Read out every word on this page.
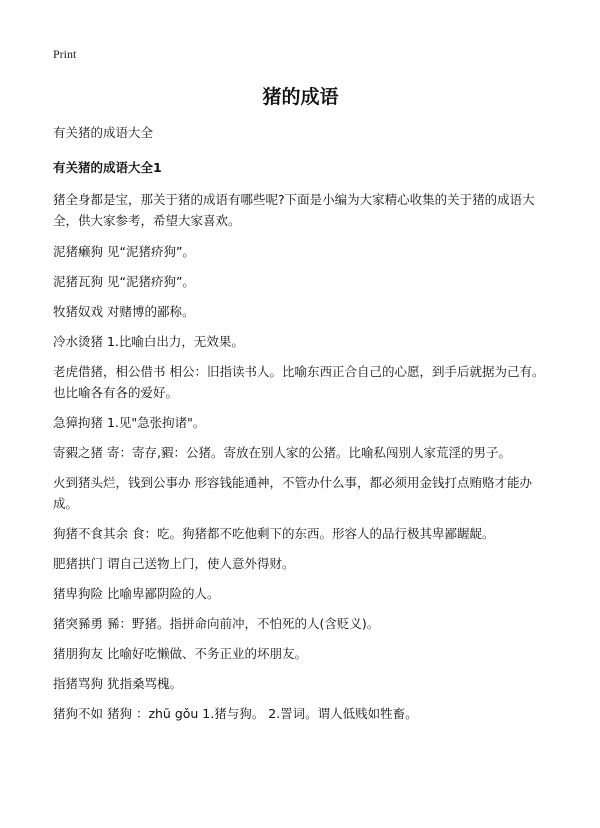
Print
猪的成语
有关猪的成语大全
有关猪的成语大全1
猪全身都是宝，那关于猪的成语有哪些呢?下面是小编为大家精心收集的关于猪的成语大全，供大家参考，希望大家喜欢。
泥猪癞狗 见“泥猪疥狗”。
泥猪瓦狗 见“泥猪疥狗”。
牧猪奴戏 对赌博的鄙称。
冷水烫猪 1.比喻白出力，无效果。
老虎借猪，相公借书 相公：旧指读书人。比喻东西正合自己的心愿，到手后就据为己有。也比喻各有各的爱好。
急獐拘猪 1.见"急张拘诸"。
寄豭之猪 寄：寄存,豭：公猪。寄放在别人家的公猪。比喻私闯别人家荒淫的男子。
火到猪头烂，钱到公事办 形容钱能通神，不管办什么事，都必须用金钱打点贿赂才能办成。
狗猪不食其余 食：吃。狗猪都不吃他剩下的东西。形容人的品行极其卑鄙龌龊。
肥猪拱门 谓自己送物上门，使人意外得财。
猪卑狗险 比喻卑鄙阴险的人。
猪突豨勇 豨：野猪。指拼命向前冲，不怕死的人(含贬义)。
猪朋狗友 比喻好吃懒做、不务正业的坏朋友。
指猪骂狗 犹指桑骂槐。
猪狗不如 猪狗 ：zhū gǒu 1.猪与狗。 2.詈词。谓人低贱如牲畜。
